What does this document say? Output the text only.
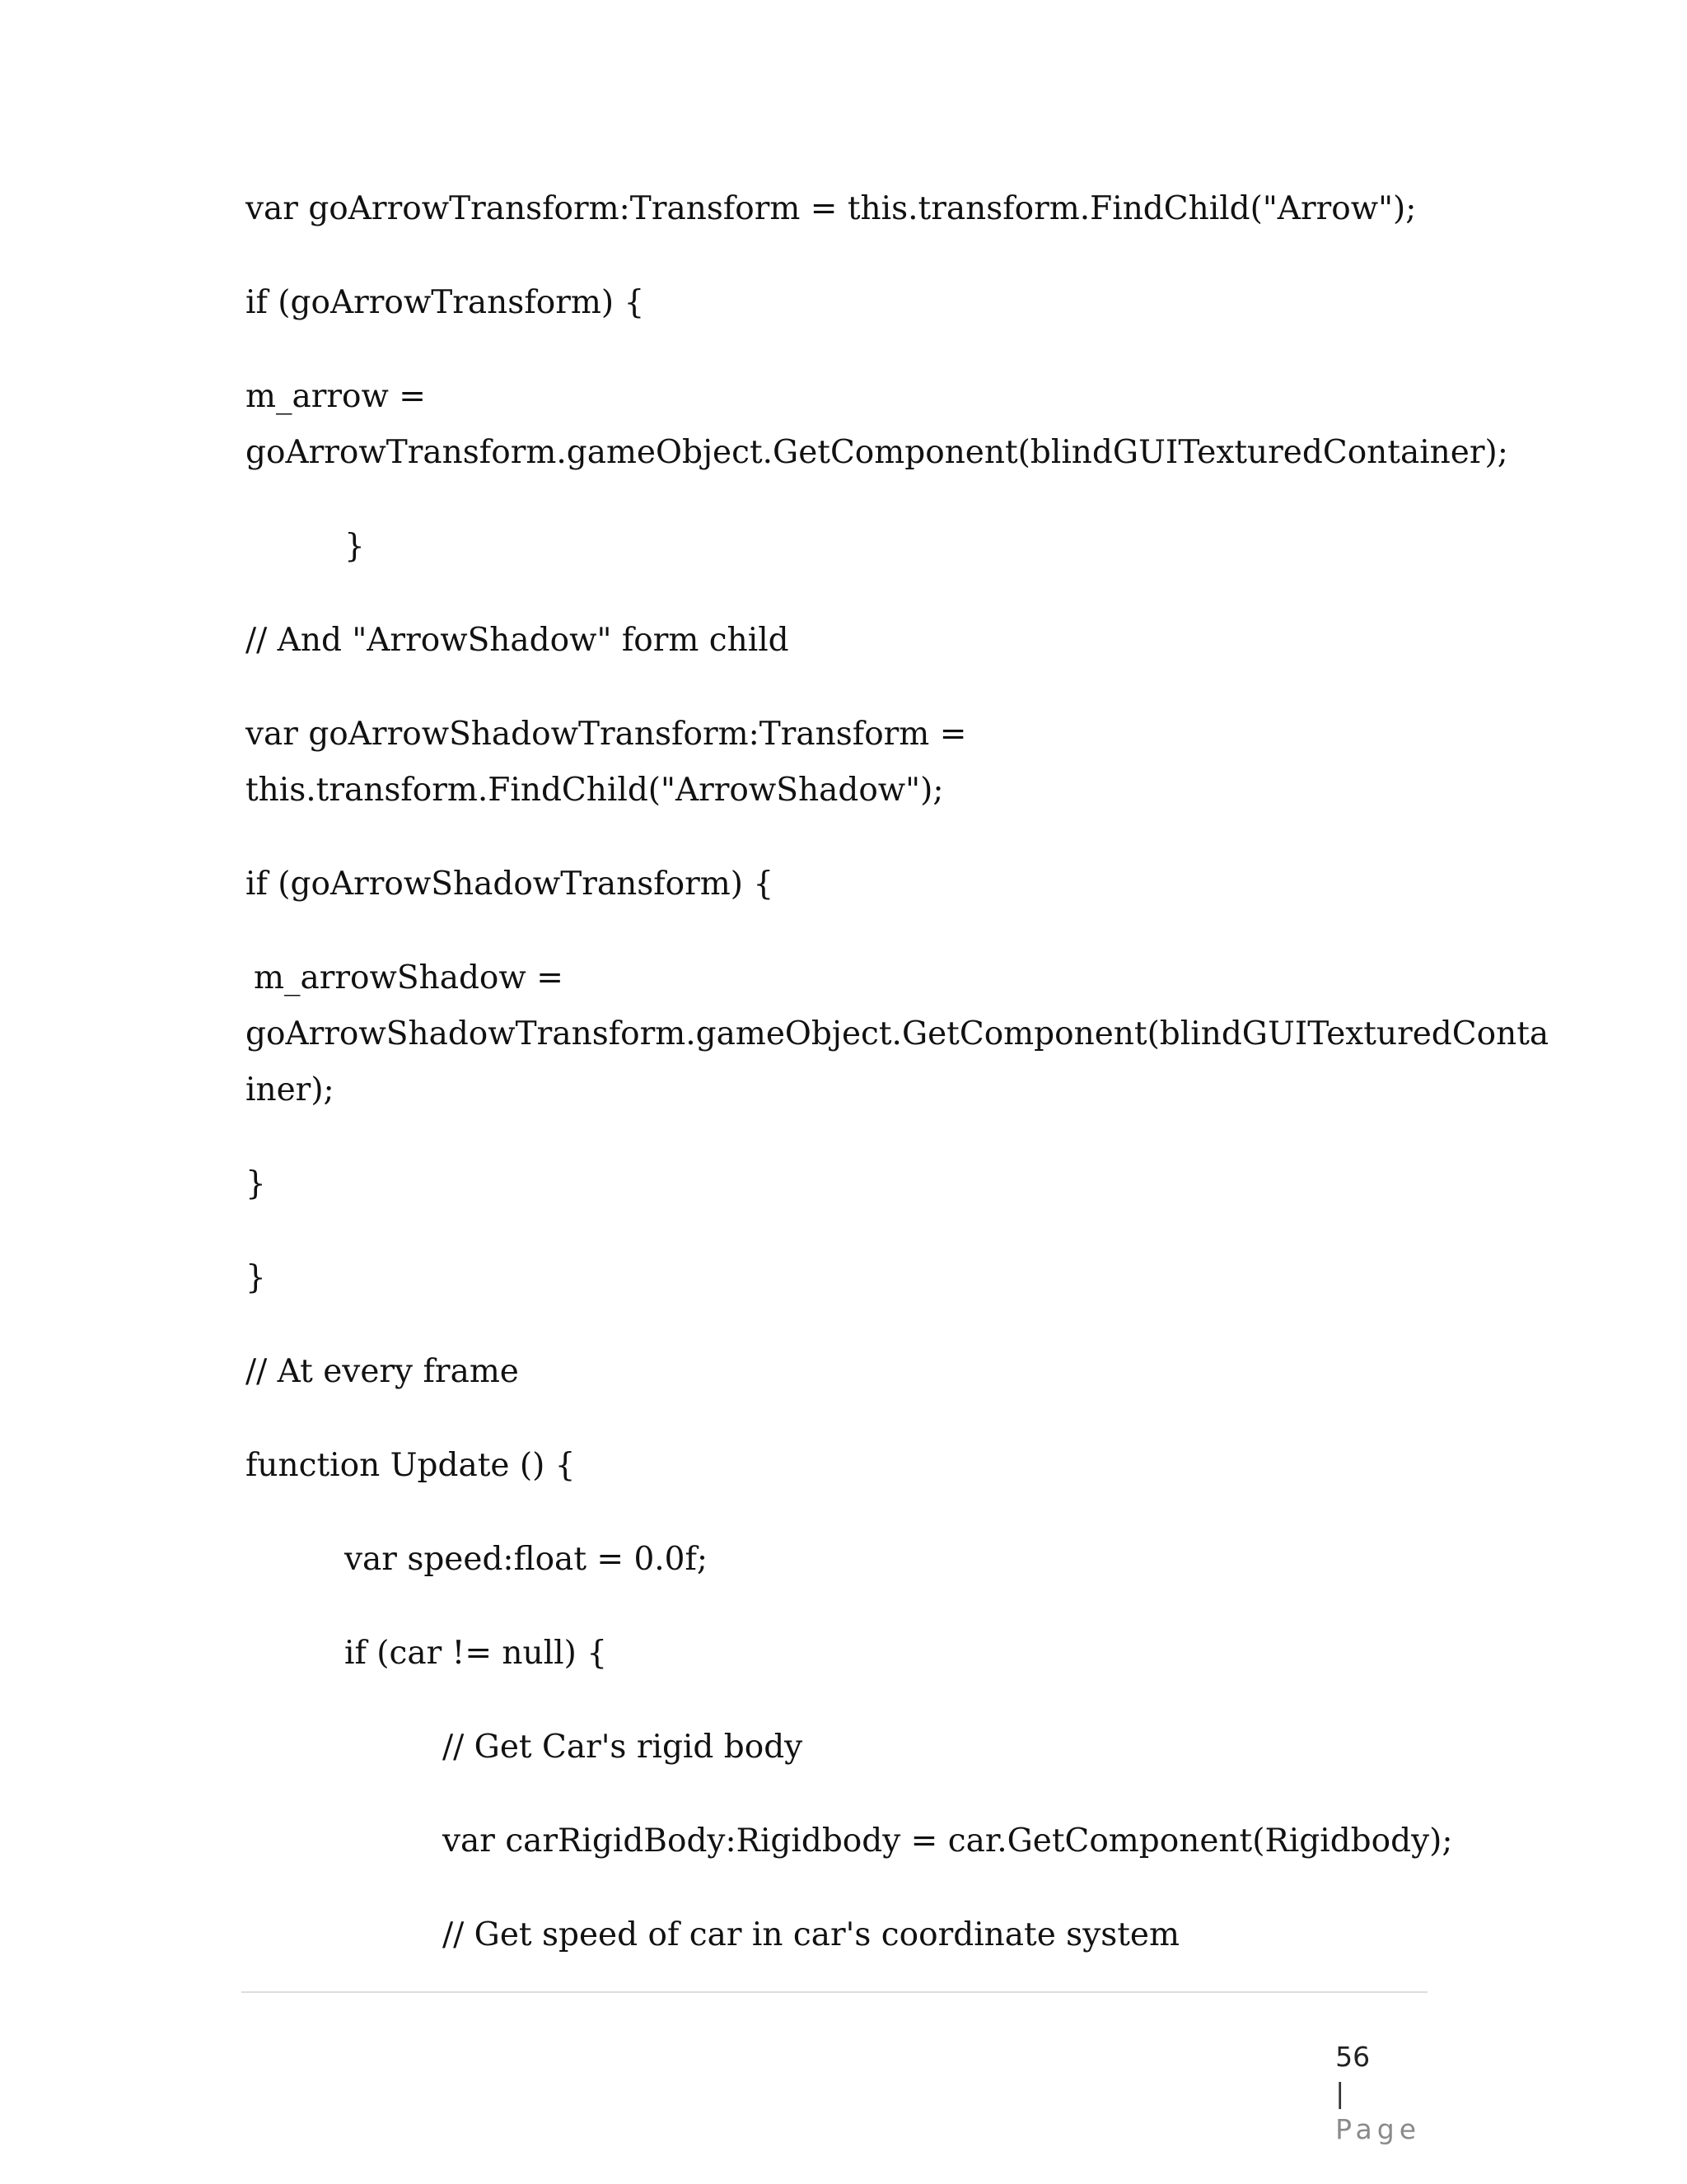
var goArrowTransform:Transform = this.transform.FindChild("Arrow");
if (goArrowTransform) {
m_arrow =
goArrowTransform.gameObject.GetComponent(blindGUITexturedContainer);
}
// And "ArrowShadow" form child
var goArrowShadowTransform:Transform =
this.transform.FindChild("ArrowShadow");
if (goArrowShadowTransform) {
m_arrowShadow =
goArrowShadowTransform.gameObject.GetComponent(blindGUITexturedConta
iner);
}
}
// At every frame
function Update () {
var speed:float = 0.0f;
if (car != null) {
// Get Car's rigid body
var carRigidBody:Rigidbody = car.GetComponent(Rigidbody);
// Get speed of car in car's coordinate system

56
|
Page
